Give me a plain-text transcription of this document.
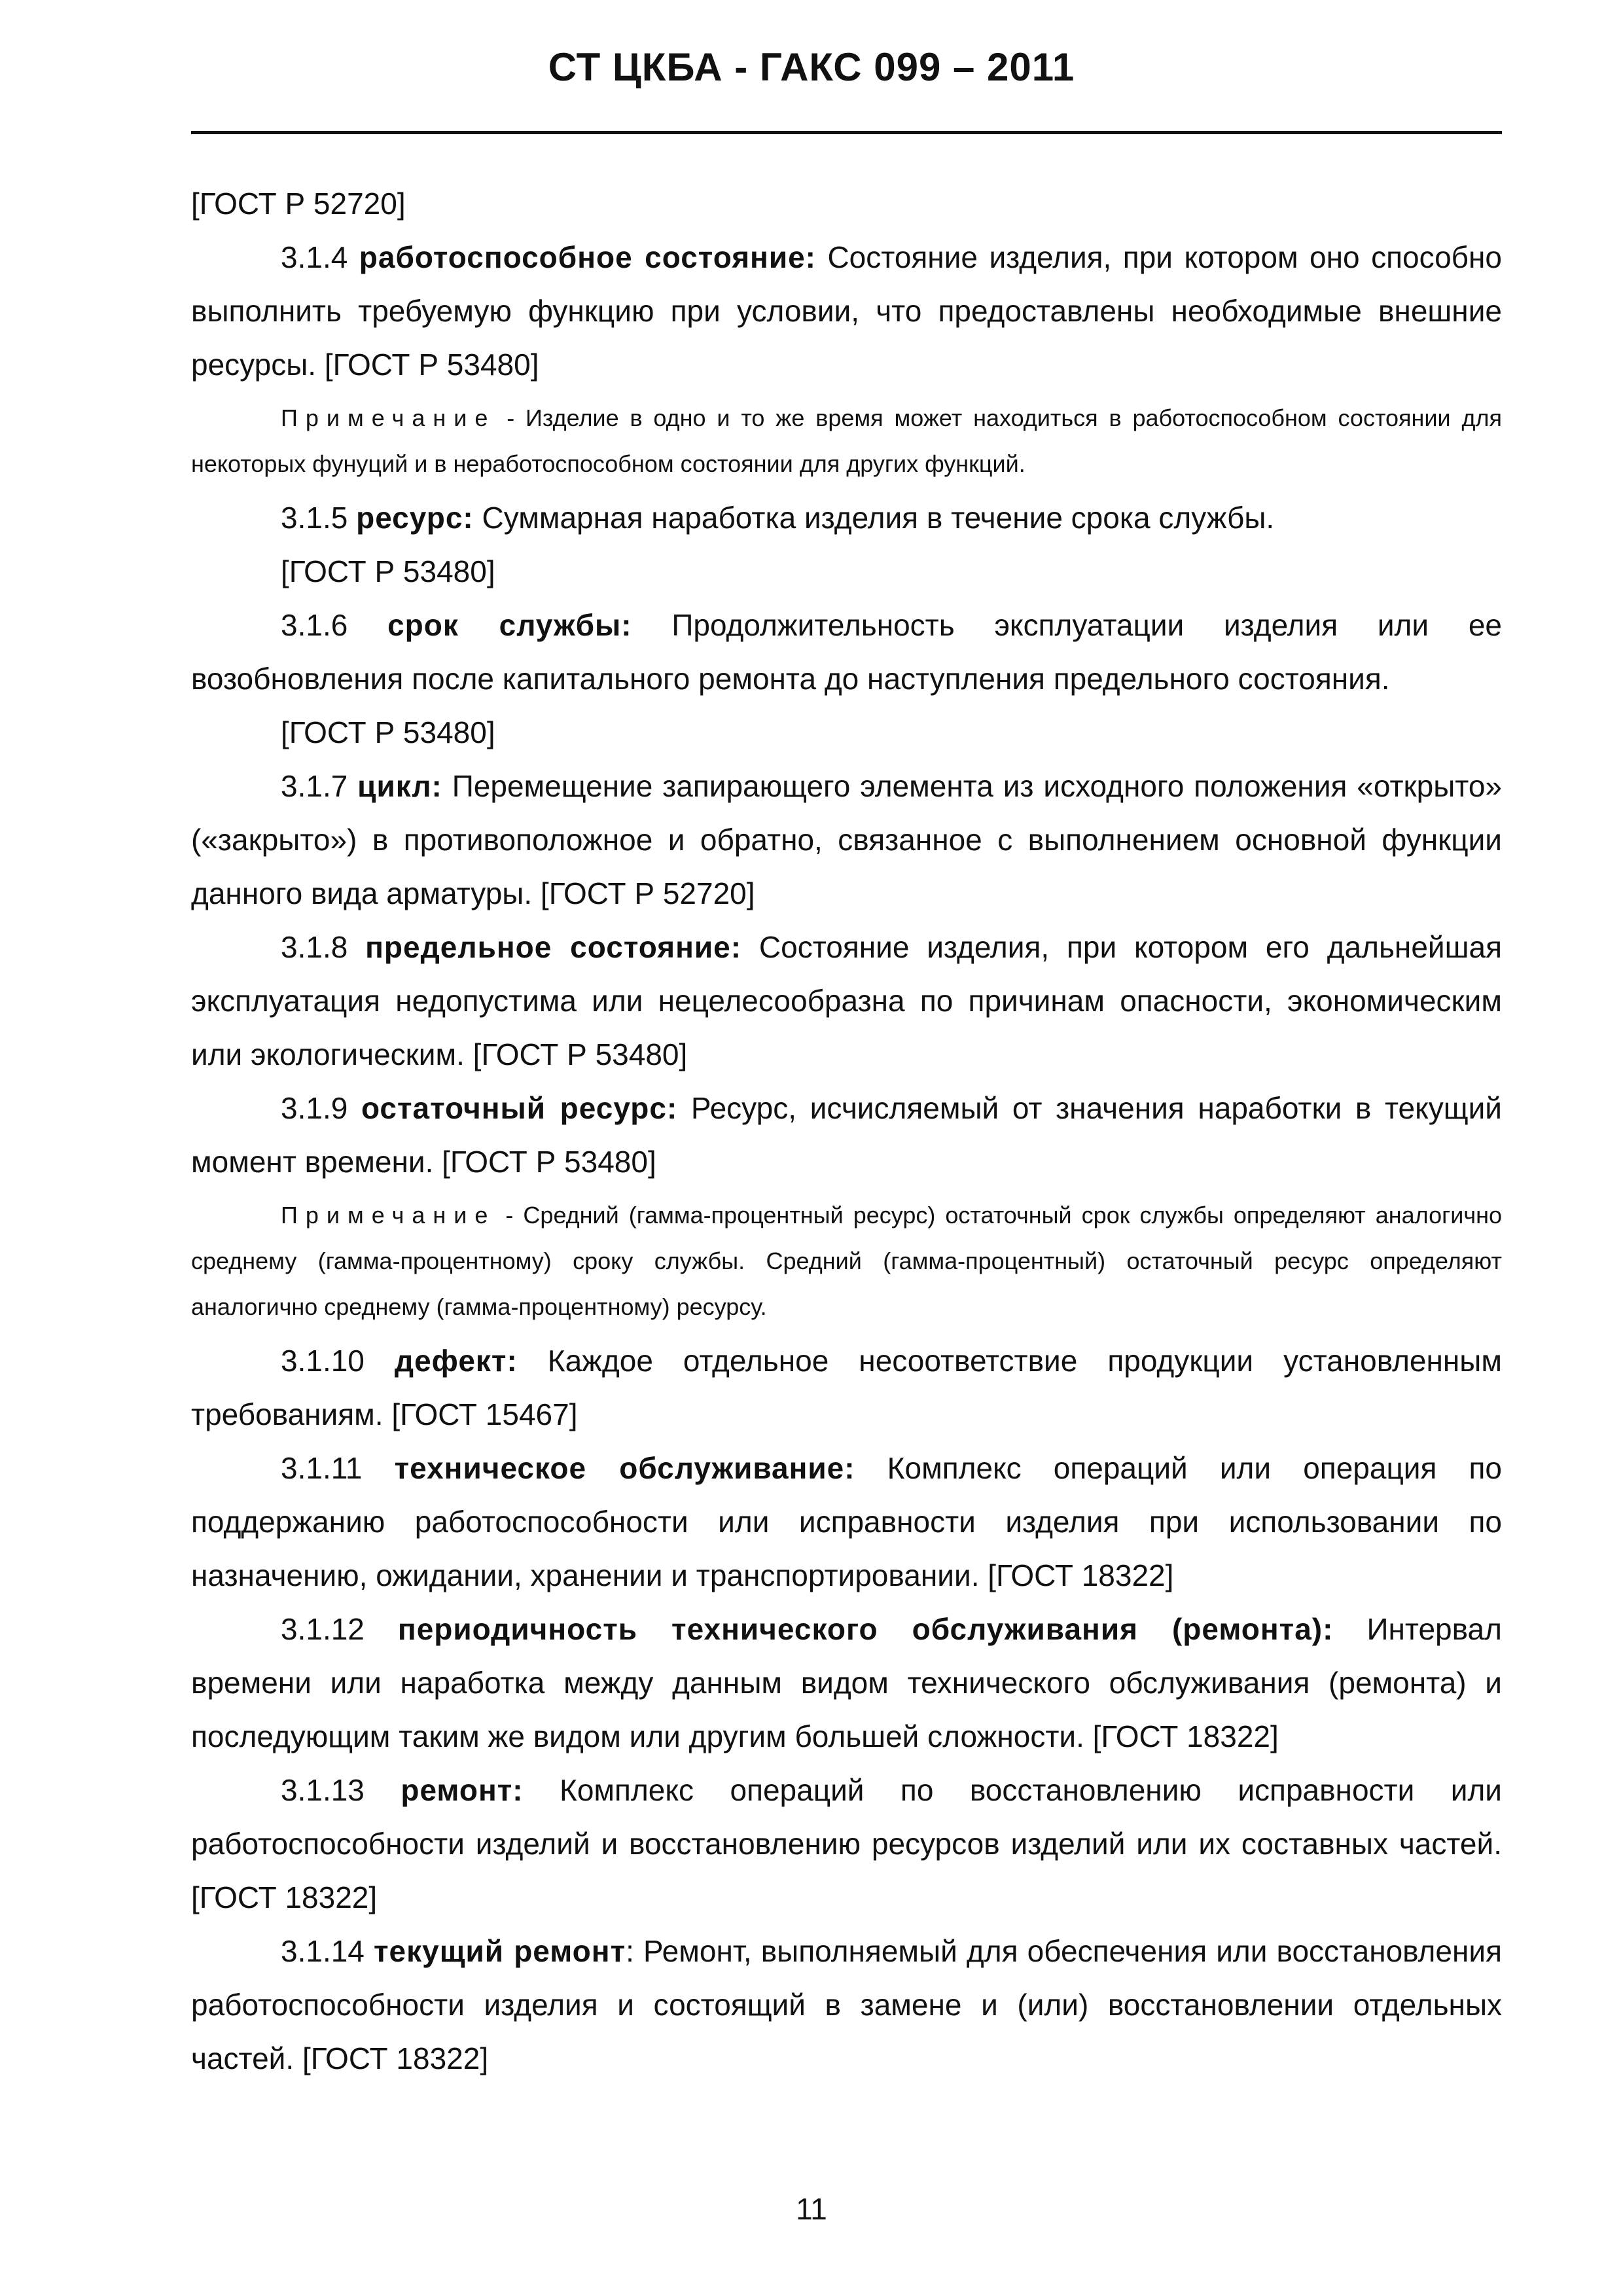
СТ ЦКБА - ГАКС 099 – 2011

[ГОСТ Р 52720]

3.1.4 работоспособное состояние: Состояние изделия, при котором оно способно выполнить требуемую функцию при условии, что предоставлены необходимые внешние ресурсы. [ГОСТ Р 53480]

Примечание - Изделие в одно и то же время может находиться в работоспособном состоянии для некоторых фунуций и в неработоспособном состоянии для других функций.

3.1.5 ресурс: Суммарная наработка изделия в течение срока службы.

[ГОСТ Р 53480]

3.1.6 срок службы: Продолжительность эксплуатации изделия или ее возобновления после капитального ремонта до наступления предельного состояния.

[ГОСТ Р 53480]

3.1.7 цикл: Перемещение запирающего элемента из исходного положения «открыто» («закрыто») в противоположное и обратно, связанное с выполнением основной функции данного вида арматуры. [ГОСТ Р 52720]

3.1.8 предельное состояние: Состояние изделия, при котором его дальнейшая эксплуатация недопустима или нецелесообразна по причинам опасности, экономическим или экологическим. [ГОСТ Р 53480]

3.1.9 остаточный ресурс: Ресурс, исчисляемый от значения наработки в текущий момент времени. [ГОСТ Р 53480]

Примечание - Средний (гамма-процентный ресурс) остаточный срок службы определяют аналогично среднему (гамма-процентному) сроку службы. Средний (гамма-процентный) остаточный ресурс определяют аналогично среднему (гамма-процентному) ресурсу.

3.1.10 дефект: Каждое отдельное несоответствие продукции установленным требованиям. [ГОСТ 15467]

3.1.11 техническое обслуживание: Комплекс операций или операция по поддержанию работоспособности или исправности изделия при использовании по назначению, ожидании, хранении и транспортировании. [ГОСТ 18322]

3.1.12 периодичность технического обслуживания (ремонта): Интервал времени или наработка между данным видом технического обслуживания (ремонта) и последующим таким же видом или другим большей сложности. [ГОСТ 18322]

3.1.13 ремонт: Комплекс операций по восстановлению исправности или работоспособности изделий и восстановлению ресурсов изделий или их составных частей. [ГОСТ 18322]

3.1.14 текущий ремонт: Ремонт, выполняемый для обеспечения или восстановления работоспособности изделия и состоящий в замене и (или) восстановлении отдельных частей. [ГОСТ 18322]

11
